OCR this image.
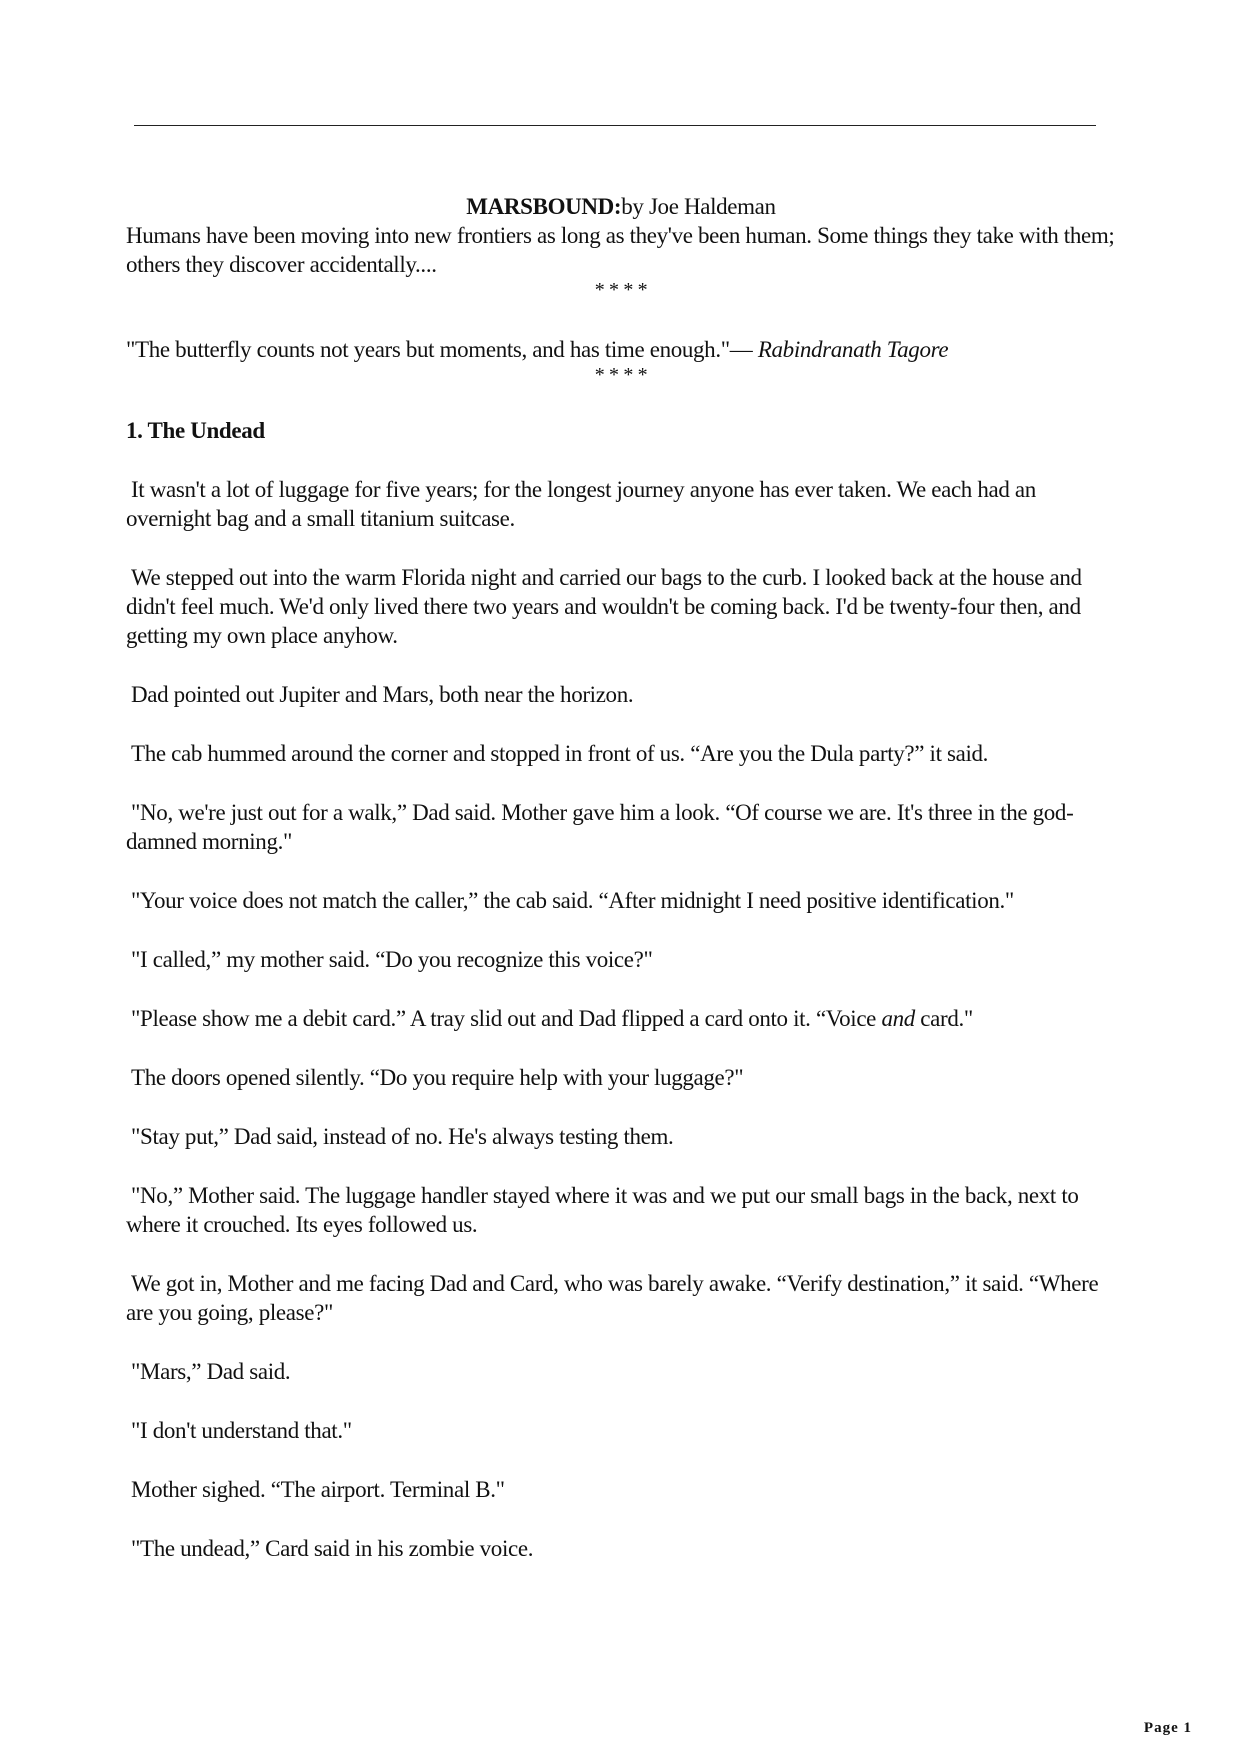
MARSBOUND:by Joe Haldeman

Humans have been moving into new frontiers as long as they've been human. Some things they take with them; others they discover accidentally....

* * * *

"The butterfly counts not years but moments, and has time enough."— Rabindranath Tagore

* * * *

1. The Undead

It wasn't a lot of luggage for five years; for the longest journey anyone has ever taken. We each had an overnight bag and a small titanium suitcase.

We stepped out into the warm Florida night and carried our bags to the curb. I looked back at the house and didn't feel much. We'd only lived there two years and wouldn't be coming back. I'd be twenty-four then, and getting my own place anyhow.

Dad pointed out Jupiter and Mars, both near the horizon.

The cab hummed around the corner and stopped in front of us. “Are you the Dula party?” it said.

"No, we're just out for a walk,” Dad said. Mother gave him a look. “Of course we are. It's three in the god-damned morning."

"Your voice does not match the caller,” the cab said. “After midnight I need positive identification."

"I called,” my mother said. “Do you recognize this voice?"

"Please show me a debit card.” A tray slid out and Dad flipped a card onto it. “Voice and card."

The doors opened silently. “Do you require help with your luggage?"

"Stay put,” Dad said, instead of no. He's always testing them.

"No,” Mother said. The luggage handler stayed where it was and we put our small bags in the back, next to where it crouched. Its eyes followed us.

We got in, Mother and me facing Dad and Card, who was barely awake. “Verify destination,” it said. “Where are you going, please?"

"Mars,” Dad said.

"I don't understand that."

Mother sighed. “The airport. Terminal B."

"The undead,” Card said in his zombie voice.

Page 1
